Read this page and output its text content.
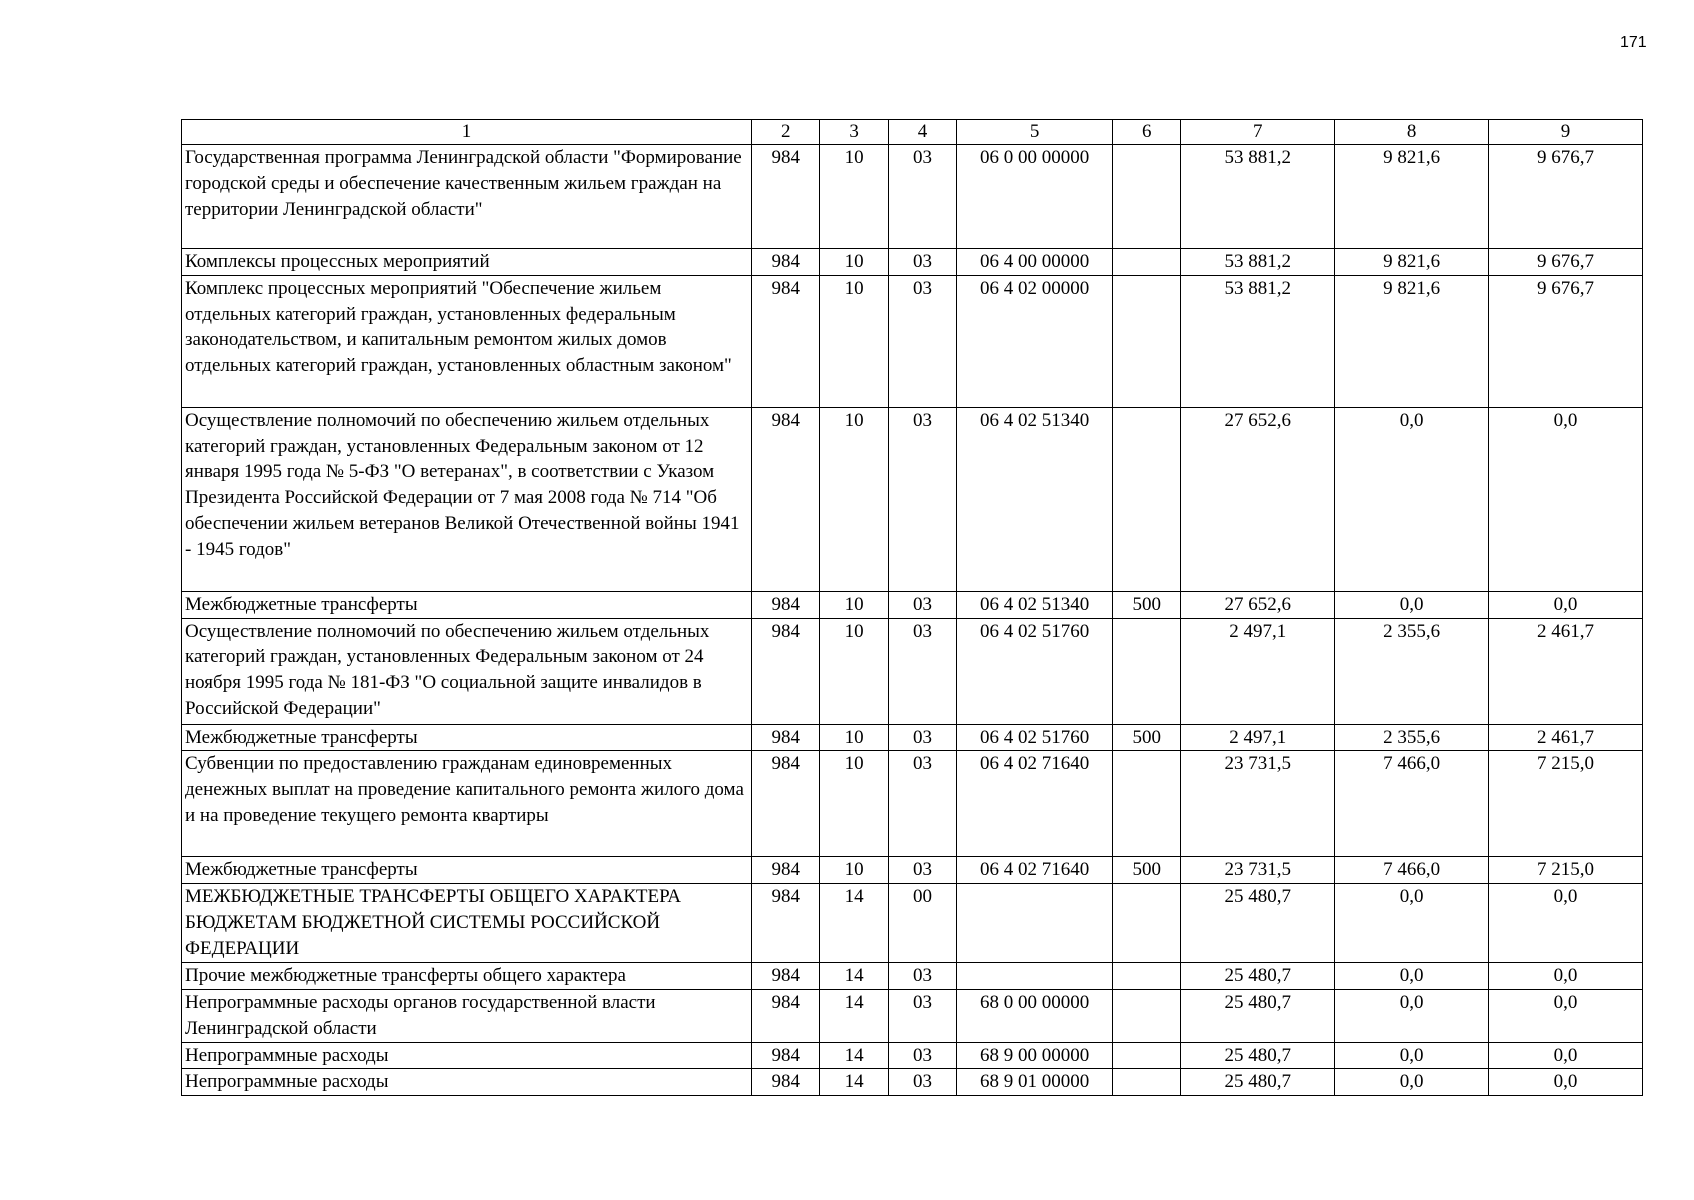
171
1	2	3	4	5	6	7	8	9
Государственная программа Ленинградской области "Формирование городской среды и обеспечение качественным жильем граждан на территории Ленинградской области"	984	10	03	06 0 00 00000		53 881,2	9 821,6	9 676,7
Комплексы процессных мероприятий	984	10	03	06 4 00 00000		53 881,2	9 821,6	9 676,7
Комплекс процессных мероприятий "Обеспечение жильем отдельных категорий граждан, установленных федеральным законодательством, и капитальным ремонтом жилых домов отдельных категорий граждан, установленных областным законом"	984	10	03	06 4 02 00000		53 881,2	9 821,6	9 676,7
Осуществление полномочий по обеспечению жильем отдельных категорий граждан, установленных Федеральным законом от 12 января 1995 года № 5-ФЗ "О ветеранах", в соответствии с Указом Президента Российской Федерации от 7 мая 2008 года № 714 "Об обеспечении жильем ветеранов Великой Отечественной войны 1941 - 1945 годов"	984	10	03	06 4 02 51340		27 652,6	0,0	0,0
Межбюджетные трансферты	984	10	03	06 4 02 51340	500	27 652,6	0,0	0,0
Осуществление полномочий по обеспечению жильем отдельных категорий граждан, установленных Федеральным законом от 24 ноября 1995 года № 181-ФЗ "О социальной защите инвалидов в Российской Федерации"	984	10	03	06 4 02 51760		2 497,1	2 355,6	2 461,7
Межбюджетные трансферты	984	10	03	06 4 02 51760	500	2 497,1	2 355,6	2 461,7
Субвенции по предоставлению гражданам единовременных денежных выплат на проведение капитального ремонта жилого дома и на проведение текущего ремонта квартиры	984	10	03	06 4 02 71640		23 731,5	7 466,0	7 215,0
Межбюджетные трансферты	984	10	03	06 4 02 71640	500	23 731,5	7 466,0	7 215,0
МЕЖБЮДЖЕТНЫЕ ТРАНСФЕРТЫ ОБЩЕГО ХАРАКТЕРА БЮДЖЕТАМ БЮДЖЕТНОЙ СИСТЕМЫ РОССИЙСКОЙ ФЕДЕРАЦИИ	984	14	00			25 480,7	0,0	0,0
Прочие межбюджетные трансферты общего характера	984	14	03			25 480,7	0,0	0,0
Непрограммные расходы органов государственной власти Ленинградской области	984	14	03	68 0 00 00000		25 480,7	0,0	0,0
Непрограммные расходы	984	14	03	68 9 00 00000		25 480,7	0,0	0,0
Непрограммные расходы	984	14	03	68 9 01 00000		25 480,7	0,0	0,0
